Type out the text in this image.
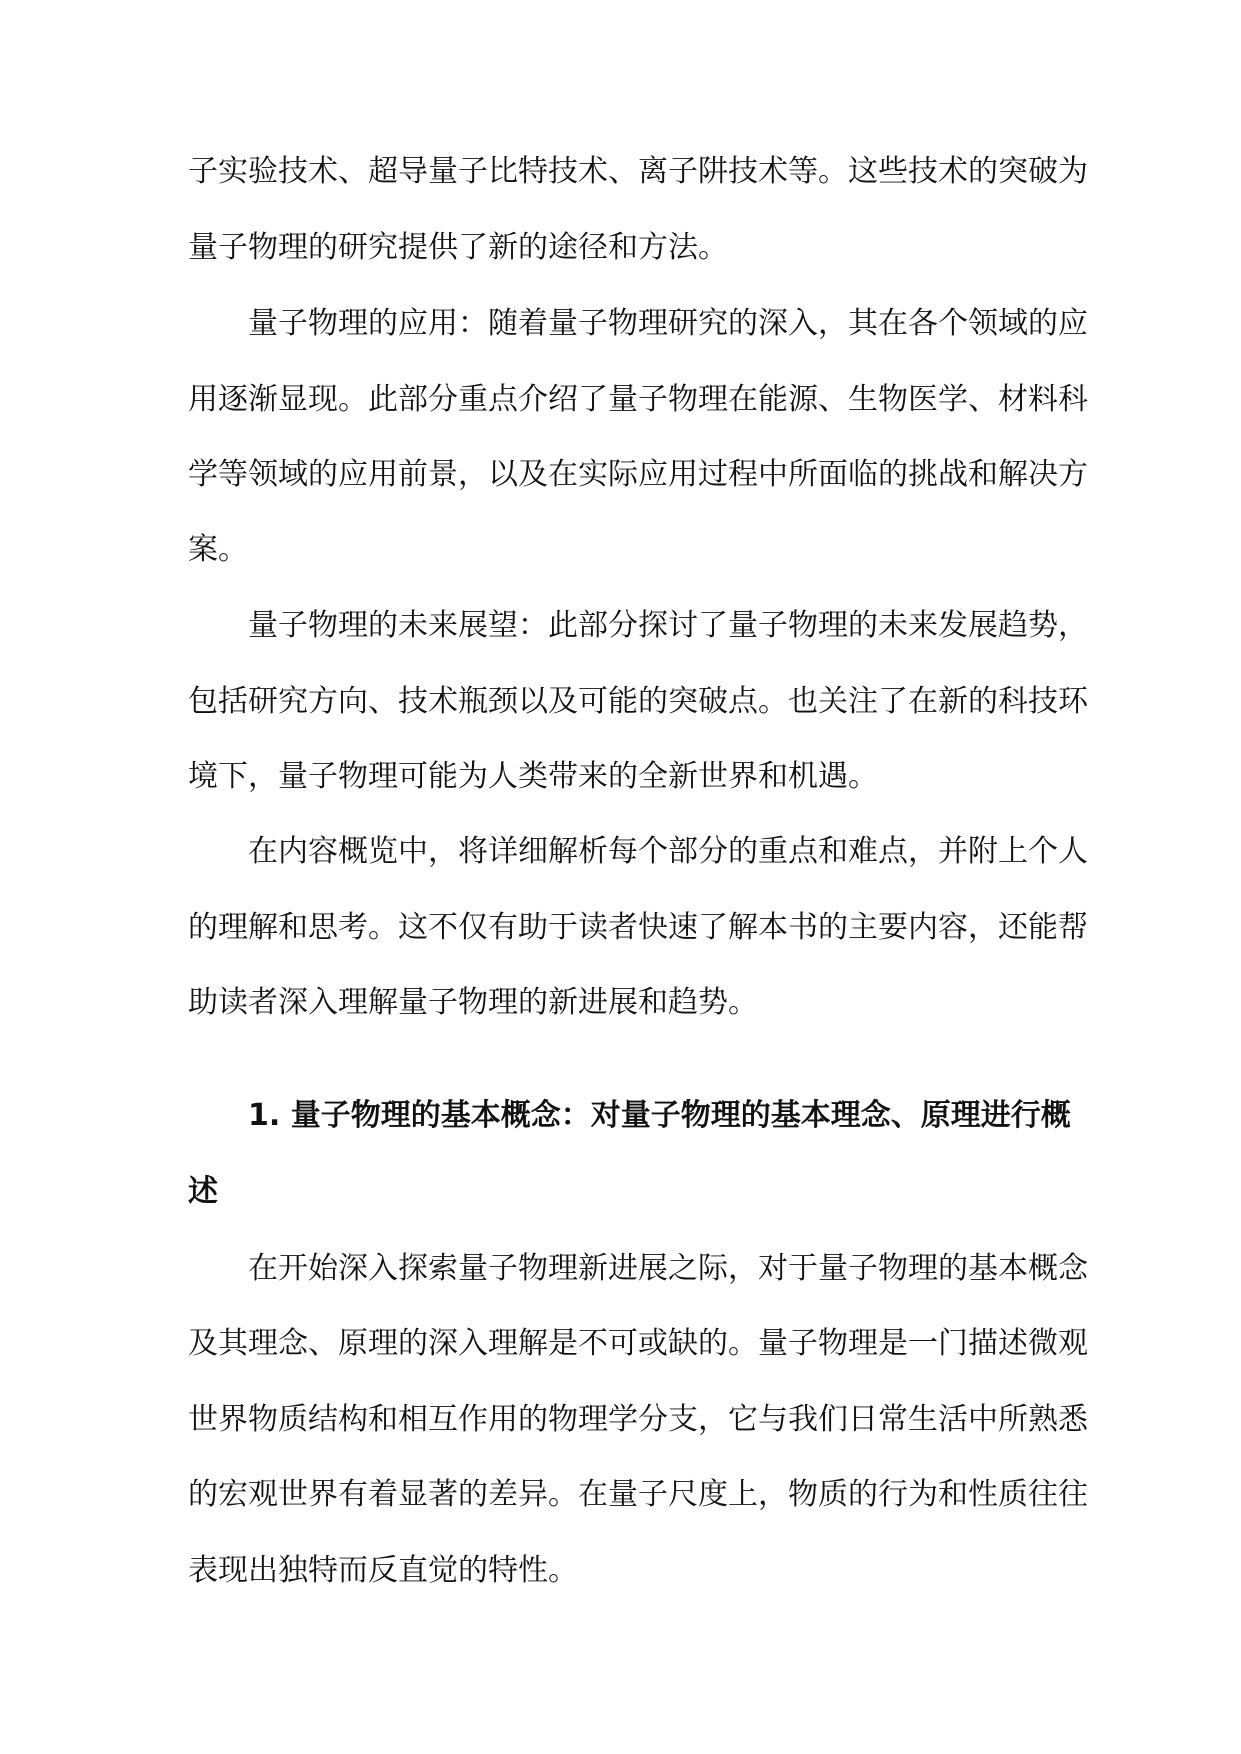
子实验技术、超导量子比特技术、离子阱技术等。这些技术的突破为
量子物理的研究提供了新的途径和方法。
量子物理的应用：随着量子物理研究的深入，其在各个领域的应
用逐渐显现。此部分重点介绍了量子物理在能源、生物医学、材料科
学等领域的应用前景，以及在实际应用过程中所面临的挑战和解决方
案。
量子物理的未来展望：此部分探讨了量子物理的未来发展趋势，
包括研究方向、技术瓶颈以及可能的突破点。也关注了在新的科技环
境下，量子物理可能为人类带来的全新世界和机遇。
在内容概览中，将详细解析每个部分的重点和难点，并附上个人
的理解和思考。这不仅有助于读者快速了解本书的主要内容，还能帮
助读者深入理解量子物理的新进展和趋势。
1. 量子物理的基本概念：对量子物理的基本理念、原理进行概
述
在开始深入探索量子物理新进展之际，对于量子物理的基本概念
及其理念、原理的深入理解是不可或缺的。量子物理是一门描述微观
世界物质结构和相互作用的物理学分支，它与我们日常生活中所熟悉
的宏观世界有着显著的差异。在量子尺度上，物质的行为和性质往往
表现出独特而反直觉的特性。
